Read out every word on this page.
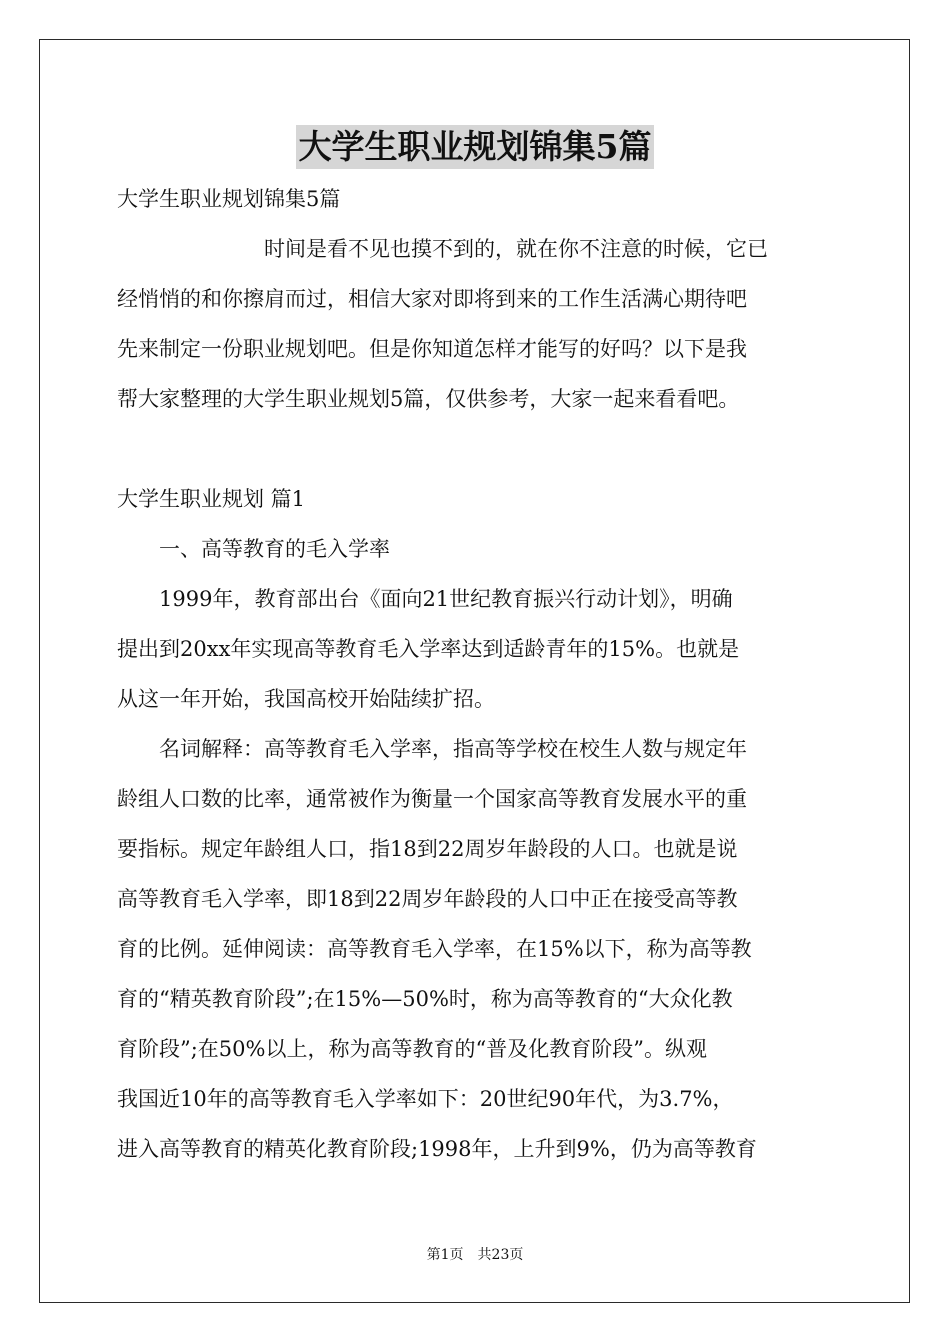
大学生职业规划锦集5篇
大学生职业规划锦集5篇
　　　　　　　时间是看不见也摸不到的，就在你不注意的时候，它已
经悄悄的和你擦肩而过，相信大家对即将到来的工作生活满心期待吧
先来制定一份职业规划吧。但是你知道怎样才能写的好吗？以下是我
帮大家整理的大学生职业规划5篇，仅供参考，大家一起来看看吧。
大学生职业规划 篇1
　　一、高等教育的毛入学率
　　1999年，教育部出台《面向21世纪教育振兴行动计划》，明确
提出到20xx年实现高等教育毛入学率达到适龄青年的15%。也就是
从这一年开始，我国高校开始陆续扩招。
　　名词解释：高等教育毛入学率，指高等学校在校生人数与规定年
龄组人口数的比率，通常被作为衡量一个国家高等教育发展水平的重
要指标。规定年龄组人口，指18到22周岁年龄段的人口。也就是说
高等教育毛入学率，即18到22周岁年龄段的人口中正在接受高等教
育的比例。延伸阅读：高等教育毛入学率，在15%以下，称为高等教
育的“精英教育阶段”;在15%—50%时，称为高等教育的“大众化教
育阶段”;在50%以上，称为高等教育的“普及化教育阶段”。纵观
我国近10年的高等教育毛入学率如下：20世纪90年代，为3.7%，
进入高等教育的精英化教育阶段;1998年，上升到9%，仍为高等教育
第1页　共23页
